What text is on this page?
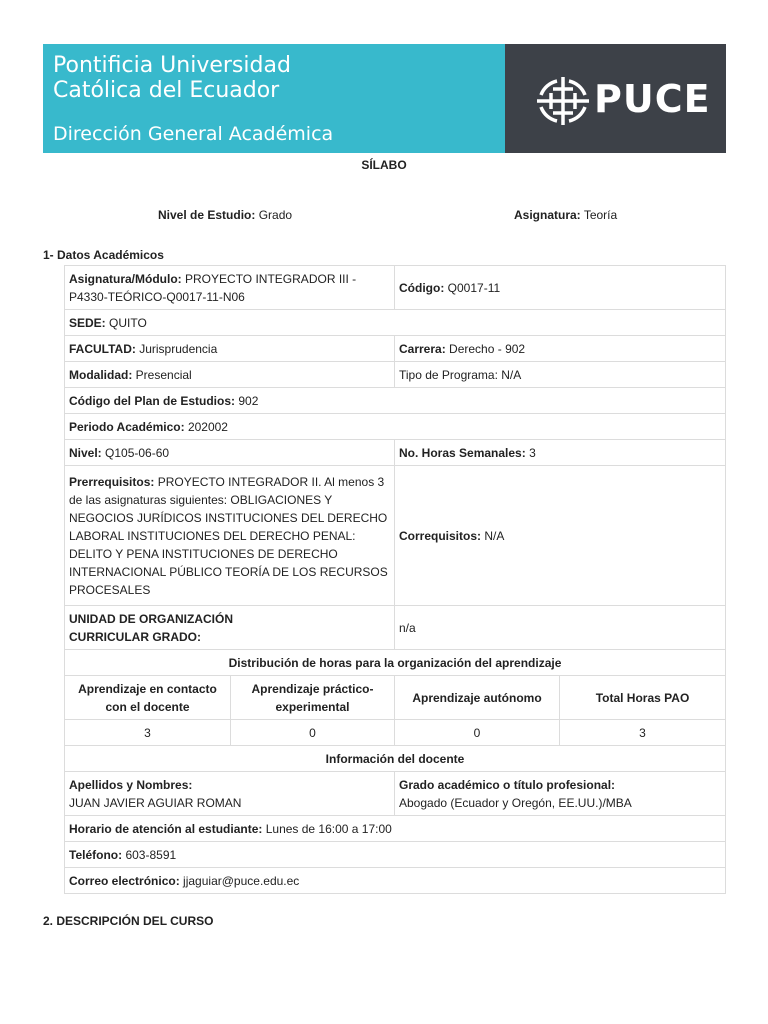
Pontificia Universidad
Católica del Ecuador
Dirección General Académica
PUCE
SÍLABO
Nivel de Estudio: Grado	Asignatura: Teoría
1- Datos Académicos
Asignatura/Módulo: PROYECTO INTEGRADOR III - P4330-TEÓRICO-Q0017-11-N06		Código: Q0017-11	
SEDE: QUITO			
FACULTAD: Jurisprudencia		Carrera: Derecho - 902	
Modalidad: Presencial		Tipo de Programa: N/A	
Código del Plan de Estudios: 902			
Periodo Académico: 202002			
Nivel: Q105-06-60		No. Horas Semanales: 3	
Prerrequisitos: PROYECTO INTEGRADOR II. Al menos 3 de las asignaturas siguientes: OBLIGACIONES Y NEGOCIOS JURÍDICOS INSTITUCIONES DEL DERECHO LABORAL INSTITUCIONES DEL DERECHO PENAL: DELITO Y PENA INSTITUCIONES DE DERECHO INTERNACIONAL PÚBLICO TEORÍA DE LOS RECURSOS PROCESALES		Correquisitos: N/A	

UNIDAD DE ORGANIZACIÓN CURRICULAR GRADO:		n/a	
Distribución de horas para la organización del aprendizaje			
Aprendizaje en contacto con el docente	Aprendizaje práctico-experimental	Aprendizaje autónomo	Total Horas PAO
3	0	0	3
Información del docente			
Apellidos y Nombres:
JUAN JAVIER AGUIAR ROMAN		Grado académico o título profesional:
Abogado (Ecuador y Oregón, EE.UU.)/MBA	
Horario de atención al estudiante: Lunes de 16:00 a 17:00			
Teléfono: 603-8591			
Correo electrónico: jjaguiar@puce.edu.ec			
2. DESCRIPCIÓN DEL CURSO
